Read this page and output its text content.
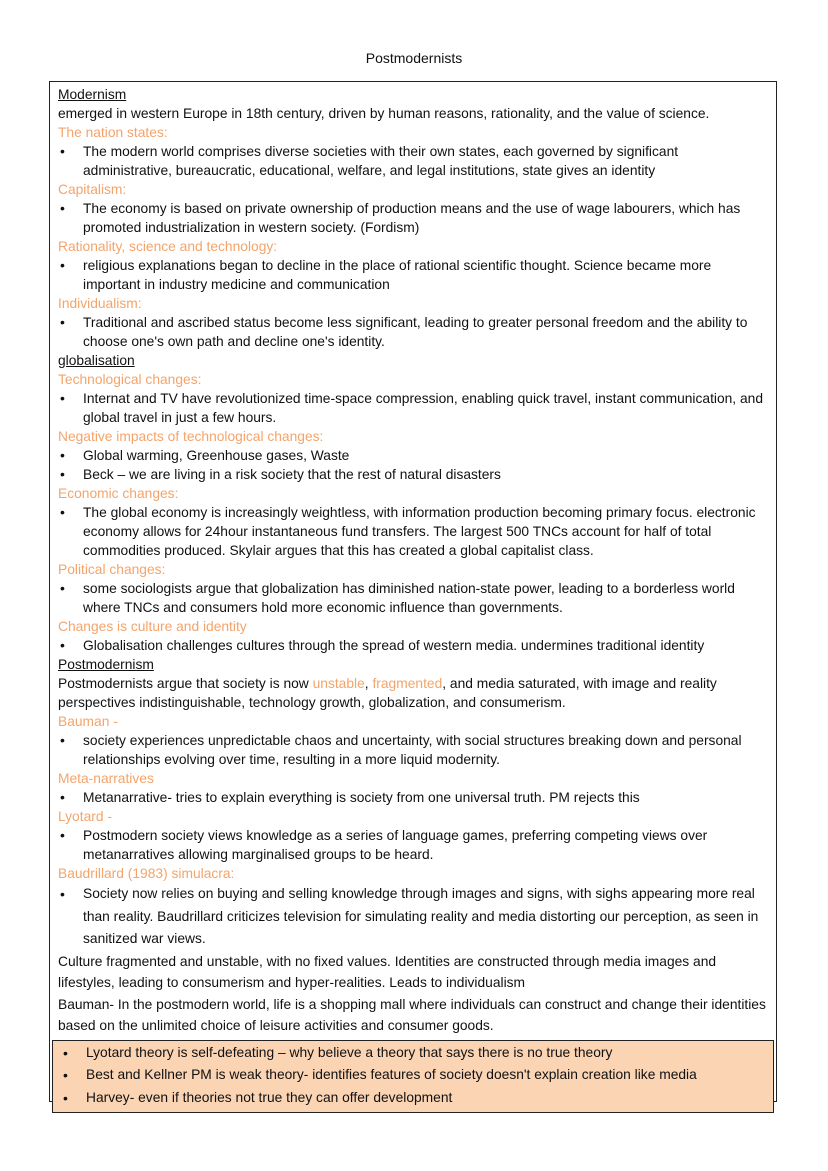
Postmodernists
Modernism
emerged in western Europe in 18th century, driven by human reasons, rationality, and the value of science.
The nation states:
• The modern world comprises diverse societies with their own states, each governed by significant administrative, bureaucratic, educational, welfare, and legal institutions, state gives an identity
Capitalism:
• The economy is based on private ownership of production means and the use of wage labourers, which has promoted industrialization in western society. (Fordism)
Rationality, science and technology:
• religious explanations began to decline in the place of rational scientific thought. Science became more important in industry medicine and communication
Individualism:
• Traditional and ascribed status become less significant, leading to greater personal freedom and the ability to choose one's own path and decline one's identity.
globalisation
Technological changes:
• Internat and TV have revolutionized time-space compression, enabling quick travel, instant communication, and global travel in just a few hours.
Negative impacts of technological changes:
• Global warming, Greenhouse gases, Waste
• Beck – we are living in a risk society that the rest of natural disasters
Economic changes:
• The global economy is increasingly weightless, with information production becoming primary focus. electronic economy allows for 24hour instantaneous fund transfers. The largest 500 TNCs account for half of total commodities produced. Skylair argues that this has created a global capitalist class.
Political changes:
• some sociologists argue that globalization has diminished nation-state power, leading to a borderless world where TNCs and consumers hold more economic influence than governments.
Changes is culture and identity
• Globalisation challenges cultures through the spread of western media. undermines traditional identity
Postmodernism
Postmodernists argue that society is now unstable, fragmented, and media saturated, with image and reality perspectives indistinguishable, technology growth, globalization, and consumerism.
Bauman -
• society experiences unpredictable chaos and uncertainty, with social structures breaking down and personal relationships evolving over time, resulting in a more liquid modernity.
Meta-narratives
• Metanarrative- tries to explain everything is society from one universal truth. PM rejects this
Lyotard -
• Postmodern society views knowledge as a series of language games, preferring competing views over metanarratives allowing marginalised groups to be heard.
Baudrillard (1983) simulacra:
• Society now relies on buying and selling knowledge through images and signs, with sighs appearing more real than reality. Baudrillard criticizes television for simulating reality and media distorting our perception, as seen in sanitized war views.
Culture fragmented and unstable, with no fixed values. Identities are constructed through media images and lifestyles, leading to consumerism and hyper-realities. Leads to individualism
Bauman- In the postmodern world, life is a shopping mall where individuals can construct and change their identities based on the unlimited choice of leisure activities and consumer goods.
• Lyotard theory is self-defeating – why believe a theory that says there is no true theory
• Best and Kellner PM is weak theory- identifies features of society doesn't explain creation like media
• Harvey- even if theories not true they can offer development
